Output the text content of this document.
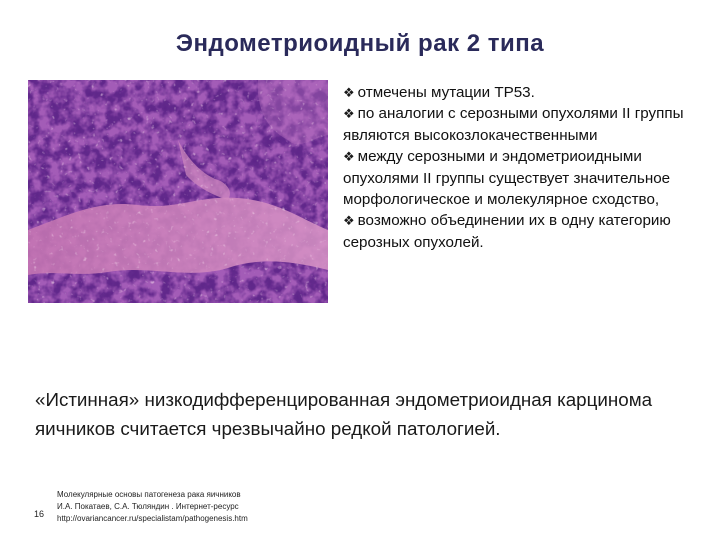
Эндометриоидный рак 2 типа
❖ отмечены мутации ТР53.
❖ по аналогии с серозными опухолями II группы являются высокозлокачественными
❖ между серозными и эндометриоидными опухолями II группы существует значительное морфологическое и молекулярное сходство,
❖ возможно объединении их в одну категорию серозных опухолей.
«Истинная» низкодифференцированная эндометриоидная карцинома яичников считается чрезвычайно редкой патологией.
16
Молекулярные основы патогенеза рака яичников
И.А. Покатаев, С.А. Тюляндин . Интернет-ресурс
http://ovariancancer.ru/specialistam/pathogenesis.htm
